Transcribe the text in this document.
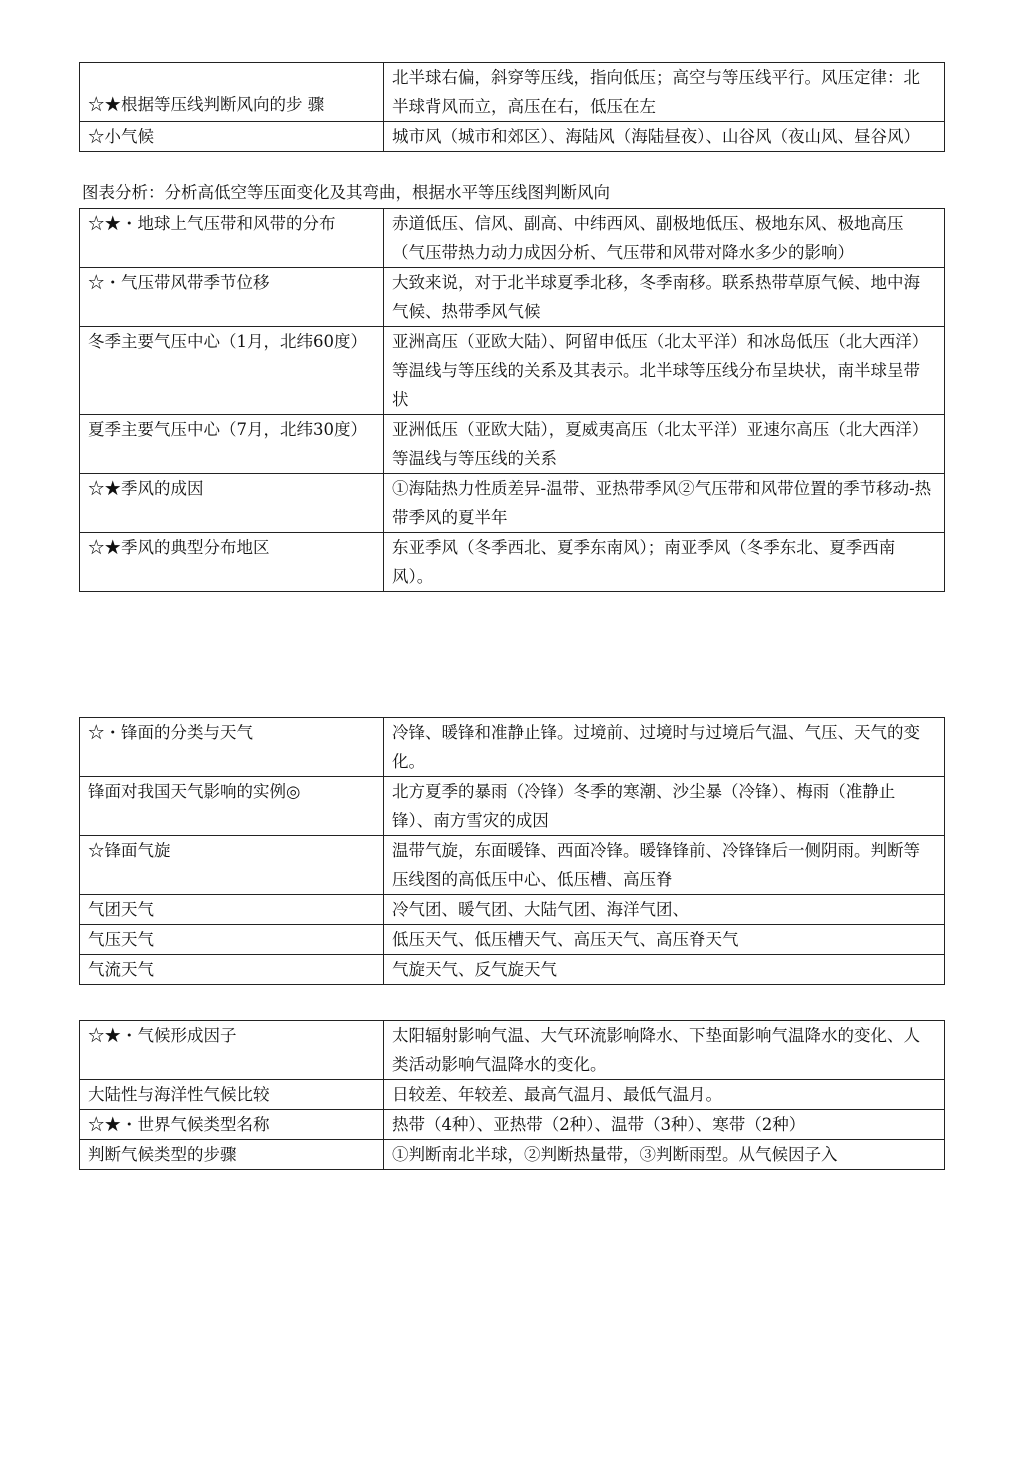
☆★根据等压线判断风向的步 骤	北半球右偏，斜穿等压线，指向低压；高空与等压线平行。风压定律：北半球背风而立，高压在右，低压在左
☆小气候	城市风（城市和郊区）、海陆风（海陆昼夜）、山谷风（夜山风、昼谷风）
图表分析：分析高低空等压面变化及其弯曲，根据水平等压线图判断风向
☆★・地球上气压带和风带的分布	赤道低压、信风、副高、中纬西风、副极地低压、极地东风、极地高压（气压带热力动力成因分析、气压带和风带对降水多少的影响）
☆・气压带风带季节位移	大致来说，对于北半球夏季北移，冬季南移。联系热带草原气候、地中海气候、热带季风气候
冬季主要气压中心（1月，北纬60度）	亚洲高压（亚欧大陆）、阿留申低压（北太平洋）和冰岛低压（北大西洋）等温线与等压线的关系及其表示。北半球等压线分布呈块状，南半球呈带状
夏季主要气压中心（7月，北纬30度）	亚洲低压（亚欧大陆），夏威夷高压（北太平洋）亚速尔高压（北大西洋）等温线与等压线的关系
☆★季风的成因	①海陆热力性质差异-温带、亚热带季风②气压带和风带位置的季节移动-热带季风的夏半年
☆★季风的典型分布地区	东亚季风（冬季西北、夏季东南风）；南亚季风（冬季东北、夏季西南风）。
☆・锋面的分类与天气	冷锋、暖锋和准静止锋。过境前、过境时与过境后气温、气压、天气的变化。
锋面对我国天气影响的实例◎	北方夏季的暴雨（冷锋）冬季的寒潮、沙尘暴（冷锋）、梅雨（准静止锋）、南方雪灾的成因
☆锋面气旋	温带气旋，东面暖锋、西面冷锋。暖锋锋前、冷锋锋后一侧阴雨。判断等压线图的高低压中心、低压槽、高压脊
气团天气	冷气团、暖气团、大陆气团、海洋气团、
气压天气	低压天气、低压槽天气、高压天气、高压脊天气
气流天气	气旋天气、反气旋天气
☆★・气候形成因子	太阳辐射影响气温、大气环流影响降水、下垫面影响气温降水的变化、人类活动影响气温降水的变化。
大陆性与海洋性气候比较	日较差、年较差、最高气温月、最低气温月。
☆★・世界气候类型名称	热带（4种）、亚热带（2种）、温带（3种）、寒带（2种）
判断气候类型的步骤	①判断南北半球，②判断热量带，③判断雨型。从气候因子入
